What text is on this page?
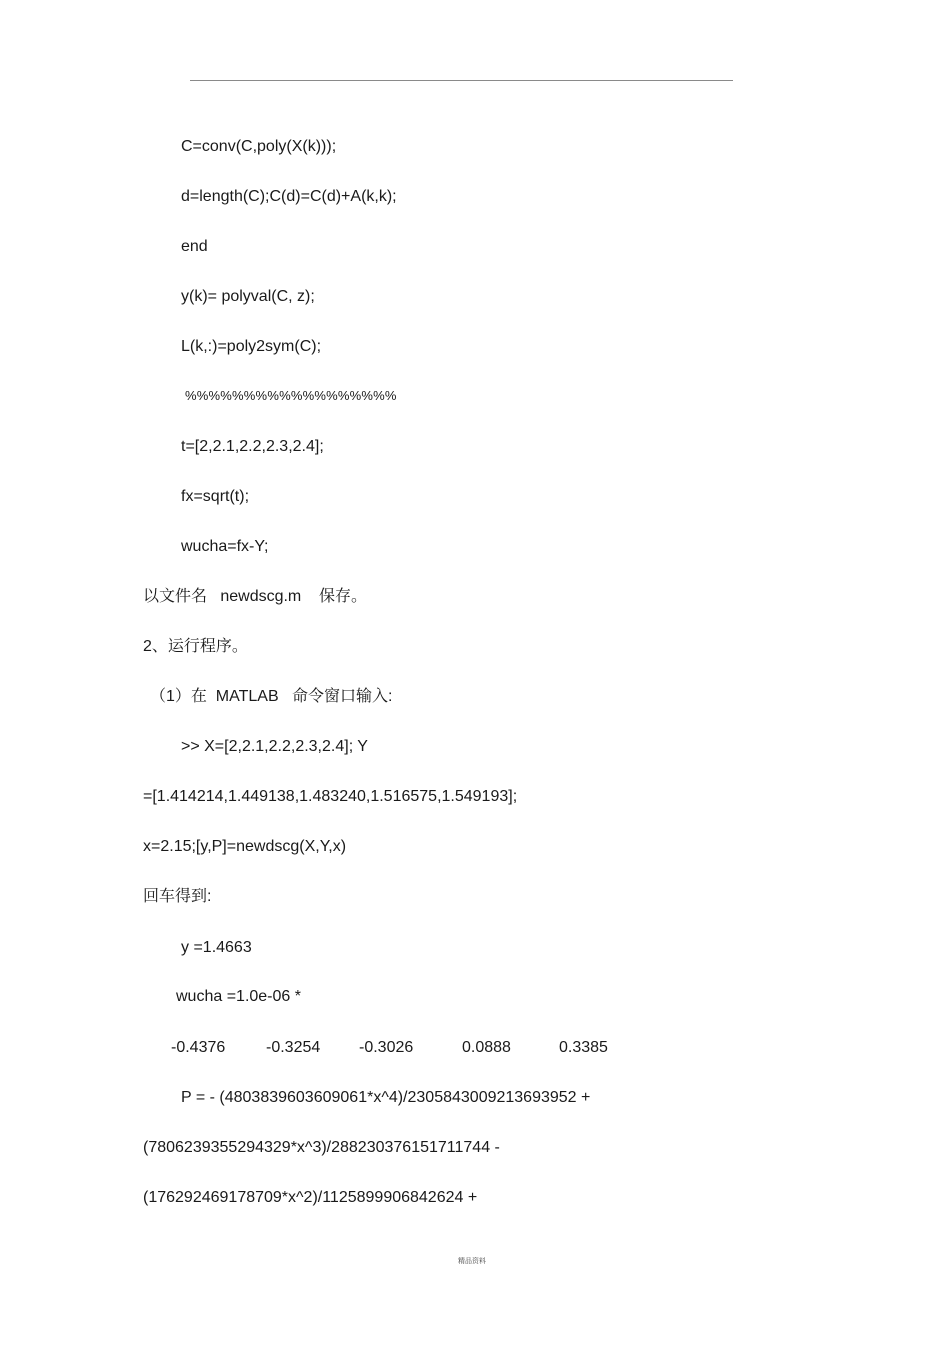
C=conv(C,poly(X(k)));
d=length(C);C(d)=C(d)+A(k,k);
end
y(k)= polyval(C, z);
L(k,:)=poly2sym(C);
%%%%%%%%%%%%%%%%%%
t=[2,2.1,2.2,2.3,2.4];
fx=sqrt(t);
wucha=fx-Y;
以文件名   newdscg.m    保存。
2、运行程序。
（1）在  MATLAB   命令窗口输入:
>> X=[2,2.1,2.2,2.3,2.4]; Y
=[1.414214,1.449138,1.483240,1.516575,1.549193];
x=2.15;[y,P]=newdscg(X,Y,x)
回车得到:
y =1.4663
wucha =1.0e-06 *
-0.4376	-0.3254 -0.3026	0.0888	0.3385
P = - (4803839603609061*x^4)/2305843009213693952 +
(7806239355294329*x^3)/288230376151711744 -
(176292469178709*x^2)/1125899906842624 +
精品资料
